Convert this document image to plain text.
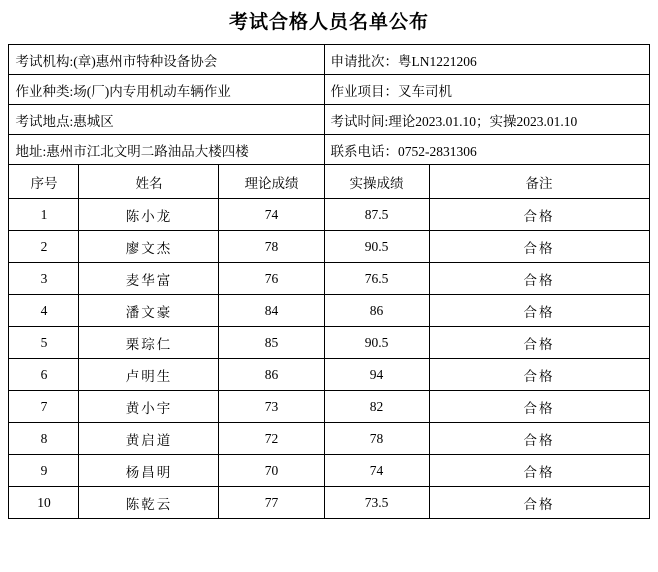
考试合格人员名单公布
考试机构:(章)惠州市特种设备协会			申请批次：粤LN1221206	
作业种类:场(厂)内专用机动车辆作业			作业项目：叉车司机	
考试地点:惠城区			考试时间:理论2023.01.10；实操2023.01.10	
地址:惠州市江北文明二路油品大楼四楼			联系电话：0752-2831306	
序号	姓名	理论成绩	实操成绩	备注
1	陈小龙	74	87.5	合格
2	廖文杰	78	90.5	合格
3	麦华富	76	76.5	合格
4	潘文豪	84	86	合格
5	栗琮仁	85	90.5	合格
6	卢明生	86	94	合格
7	黄小宇	73	82	合格
8	黄启道	72	78	合格
9	杨昌明	70	74	合格
10	陈乾云	77	73.5	合格
